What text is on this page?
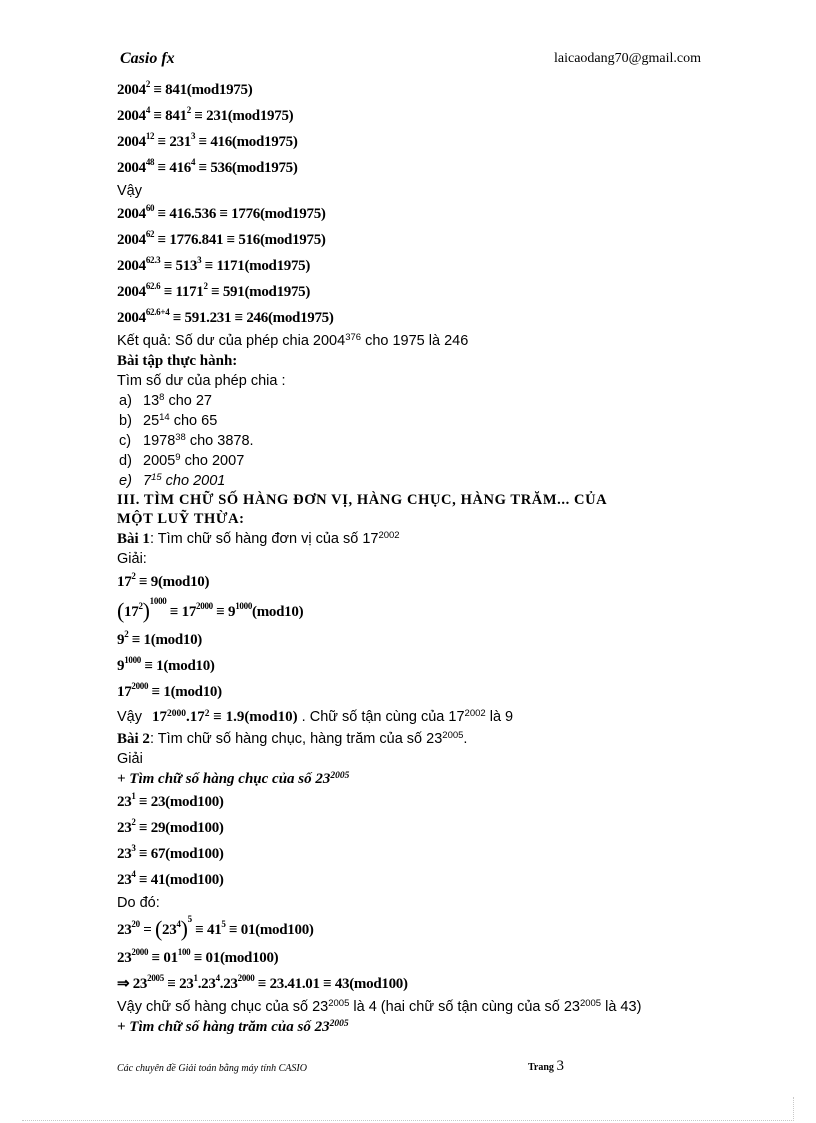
Casio fx	laicaodang70@gmail.com
$2004^2 \equiv 841(mod1975)$
$2004^4 \equiv 841^2 \equiv 231(mod1975)$
$2004^{12} \equiv 231^3 \equiv 416(mod1975)$
$2004^{48} \equiv 416^4 \equiv 536(mod1975)$
Vậy
$2004^{60} \equiv 416.536 \equiv 1776(mod1975)$
$2004^{62} \equiv 1776.841 \equiv 516(mod1975)$
$2004^{62.3} \equiv 513^3 \equiv 1171(mod1975)$
$2004^{62.6} \equiv 1171^2 \equiv 591(mod1975)$
$2004^{62.6+4} \equiv 591.231 \equiv 246(mod1975)$
Kết quả: Số dư của phép chia 2004$^{376}$ cho 1975 là 246
Bài tập thực hành:
Tìm số dư của phép chia :
a) $13^8$ cho 27
b) $25^{14}$ cho 65
c) 1978$^{38}$ cho 3878.
d) 2005$^9$ cho 2007
e) $7^{15}$ cho 2001
III. TÌM CHỮ SỐ HÀNG ĐƠN VỊ, HÀNG CHỤC, HÀNG TRĂM... CỦA
MỘT LUỸ THỪA:
Bài 1: Tìm chữ số hàng đơn vị của số $17^{2002}$
Giải:
$17^2 \equiv 9(mod10)$
$(17^2)^{1000} \equiv 17^{2000} \equiv 9^{1000}(mod10)$
$9^2 \equiv 1(mod10)$
$9^{1000} \equiv 1(mod10)$
$17^{2000} \equiv 1(mod10)$
Vậy $17^{2000}.17^2 \equiv 1.9(mod10)$ . Chữ số tận cùng của $17^{2002}$ là 9
Bài 2: Tìm chữ số hàng chục, hàng trăm của số $23^{2005}$.
Giải
+ Tìm chữ số hàng chục của số $23^{2005}$
$23^1 \equiv 23(mod100)$
$23^2 \equiv 29(mod100)$
$23^3 \equiv 67(mod100)$
$23^4 \equiv 41(mod100)$
Do đó:
$23^{20} = (23^4)^5 \equiv 41^5 \equiv 01(mod100)$
$23^{2000} \equiv 01^{100} \equiv 01(mod100)$
⇒ $23^{2005} \equiv 23^1.23^4.23^{2000} \equiv 23.41.01 \equiv 43(mod100)$
Vậy chữ số hàng chục của số $23^{2005}$ là 4 (hai chữ số tận cùng của số $23^{2005}$ là 43)
+ Tìm chữ số hàng trăm của số $23^{2005}$
Các chuyên đề Giải toán bằng máy tính CASIO	Trang 3
